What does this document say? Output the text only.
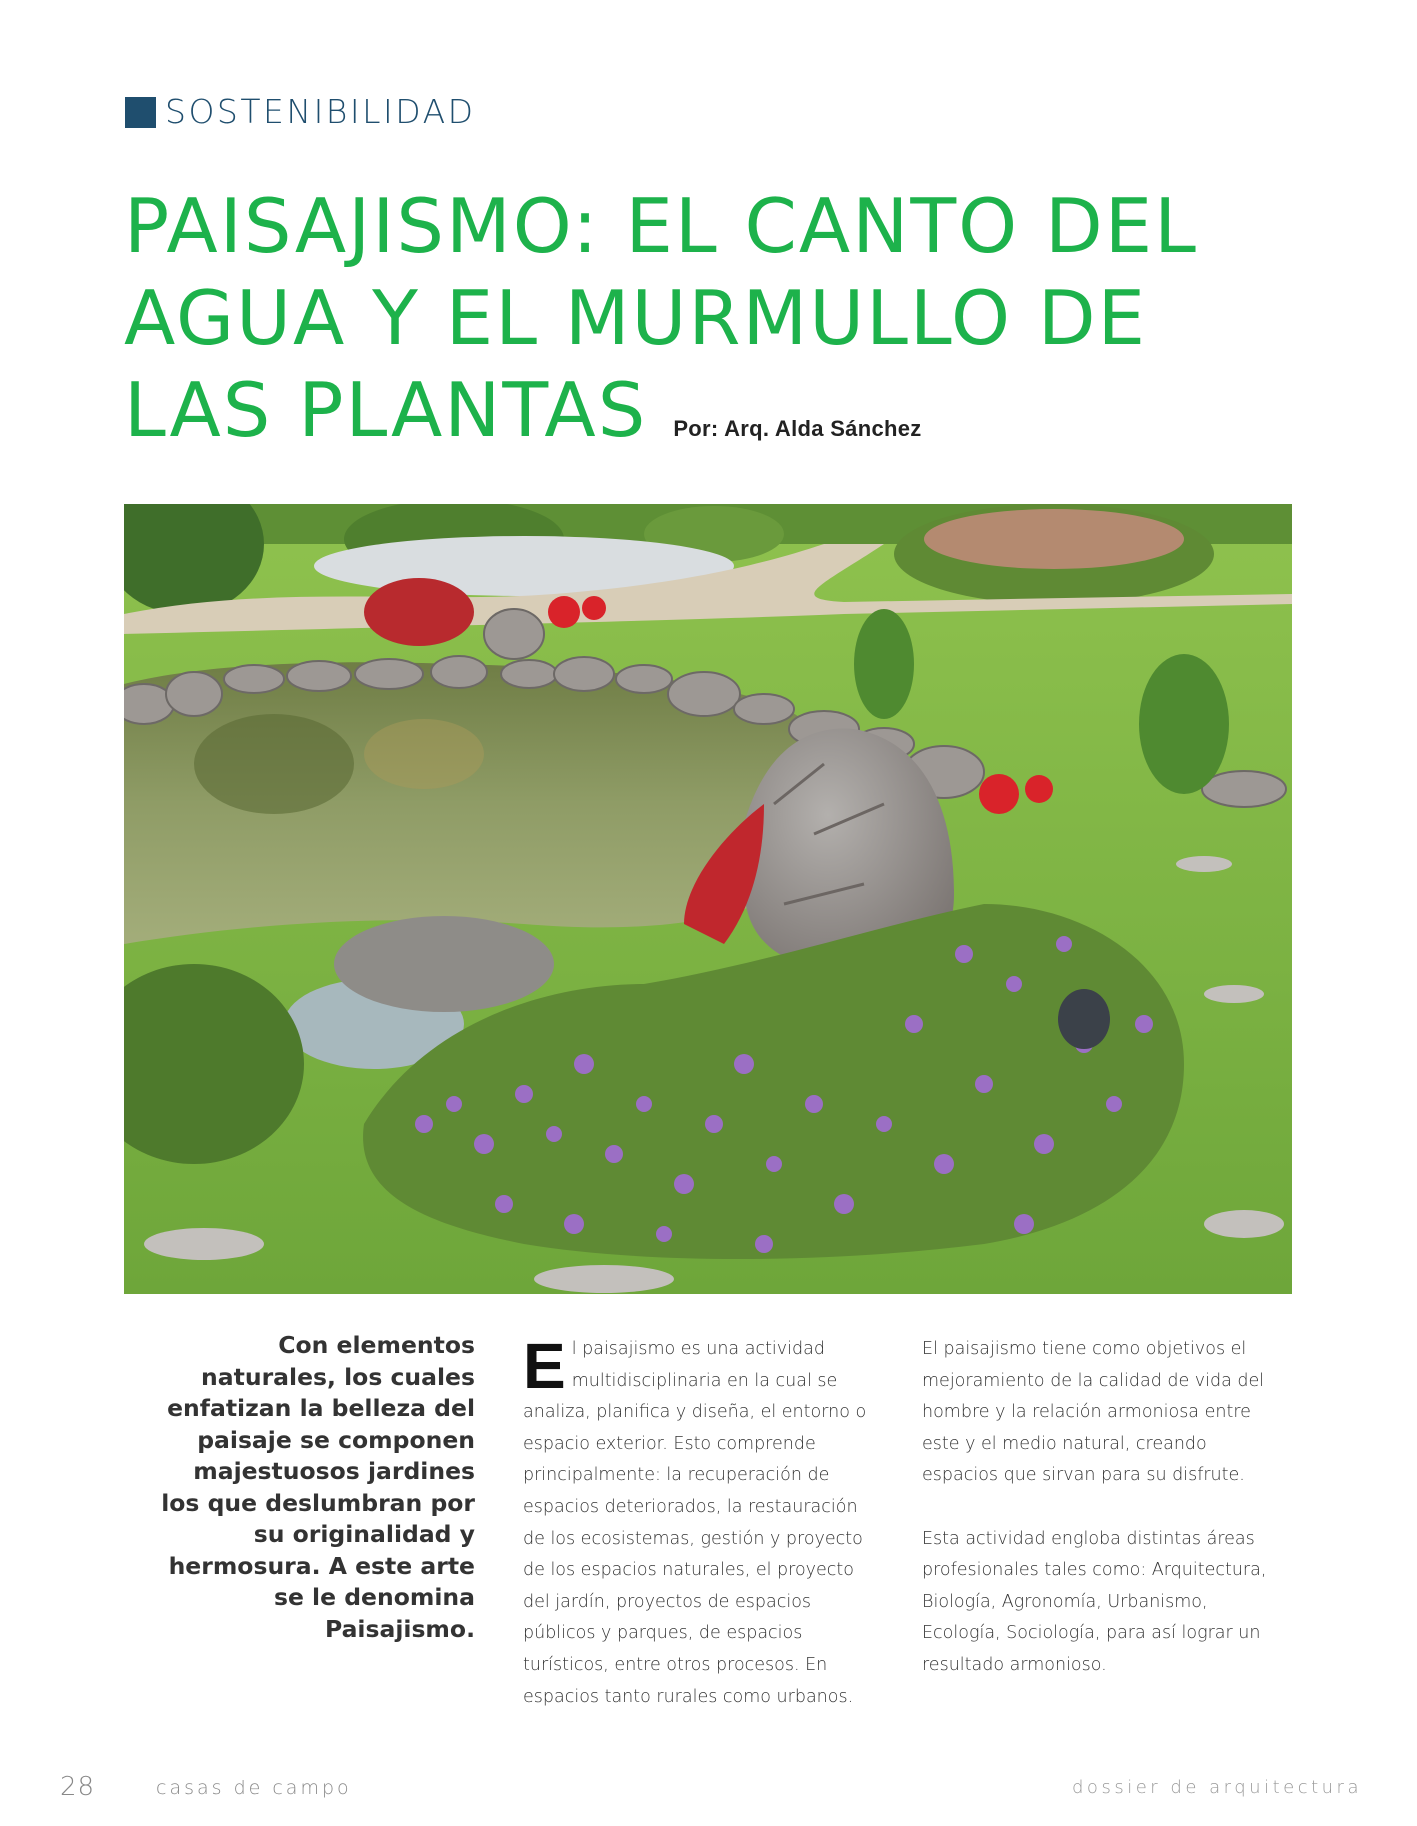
SOSTENIBILIDAD
PAISAJISMO: EL CANTO DEL
AGUA Y EL MURMULLO DE
LAS PLANTAS Por: Arq. Alda Sánchez

Con elementos naturales, los cuales enfatizan la belleza del paisaje se componen majestuosos jardines los que deslumbran por su originalidad y hermosura. A este arte se le denomina Paisajismo.

El paisajismo es una actividad multidisciplinaria en la cual se analiza, planifica y diseña, el entorno o espacio exterior. Esto comprende principalmente: la recuperación de espacios deteriorados, la restauración de los ecosistemas, gestión y proyecto de los espacios naturales, el proyecto del jardín, proyectos de espacios públicos y parques, de espacios turísticos, entre otros procesos. En espacios tanto rurales como urbanos.

El paisajismo tiene como objetivos el mejoramiento de la calidad de vida del hombre y la relación armoniosa entre este y el medio natural, creando espacios que sirvan para su disfrute.

Esta actividad engloba distintas áreas profesionales tales como: Arquitectura, Biología, Agronomía, Urbanismo, Ecología, Sociología, para así lograr un resultado armonioso.

28	casas de campo	dossier de arquitectura
